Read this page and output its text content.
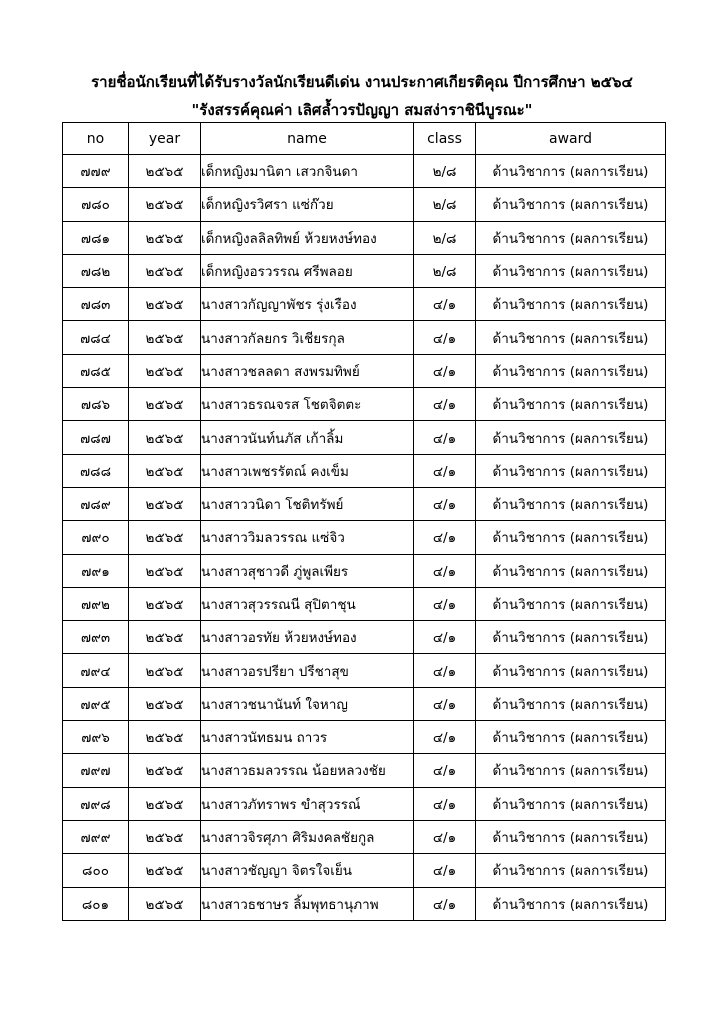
รายชื่อนักเรียนที่ได้รับรางวัลนักเรียนดีเด่น งานประกาศเกียรติคุณ ปีการศึกษา ๒๕๖๔
"รังสรรค์คุณค่า เลิศล้ำวรปัญญา สมสง่าราชินีบูรณะ"
no	year	name	class	award
๗๗๙	๒๕๖๕	เด็กหญิงมานิตา เสวกจินดา	๒/๘	ด้านวิชาการ (ผลการเรียน)
๗๘๐	๒๕๖๕	เด็กหญิงรวิศรา แซ่ก๊วย	๒/๘	ด้านวิชาการ (ผลการเรียน)
๗๘๑	๒๕๖๕	เด็กหญิงลลิลทิพย์ ห้วยหงษ์ทอง	๒/๘	ด้านวิชาการ (ผลการเรียน)
๗๘๒	๒๕๖๕	เด็กหญิงอรวรรณ ศรีพลอย	๒/๘	ด้านวิชาการ (ผลการเรียน)
๗๘๓	๒๕๖๕	นางสาวกัญญาพัชร รุ่งเรือง	๔/๑	ด้านวิชาการ (ผลการเรียน)
๗๘๔	๒๕๖๕	นางสาวกัลยกร วิเชียรกุล	๔/๑	ด้านวิชาการ (ผลการเรียน)
๗๘๕	๒๕๖๕	นางสาวชลลดา สงพรมทิพย์	๔/๑	ด้านวิชาการ (ผลการเรียน)
๗๘๖	๒๕๖๕	นางสาวธรณจรส โชตจิตตะ	๔/๑	ด้านวิชาการ (ผลการเรียน)
๗๘๗	๒๕๖๕	นางสาวนันท์นภัส เก้าลิ้ม	๔/๑	ด้านวิชาการ (ผลการเรียน)
๗๘๘	๒๕๖๕	นางสาวเพชรรัตณ์ คงเข็ม	๔/๑	ด้านวิชาการ (ผลการเรียน)
๗๘๙	๒๕๖๕	นางสาววนิดา โชติทรัพย์	๔/๑	ด้านวิชาการ (ผลการเรียน)
๗๙๐	๒๕๖๕	นางสาววิมลวรรณ แซ่จิว	๔/๑	ด้านวิชาการ (ผลการเรียน)
๗๙๑	๒๕๖๕	นางสาวสุชาวดี ภู่พูลเพียร	๔/๑	ด้านวิชาการ (ผลการเรียน)
๗๙๒	๒๕๖๕	นางสาวสุวรรณนี สุปิตาชุน	๔/๑	ด้านวิชาการ (ผลการเรียน)
๗๙๓	๒๕๖๕	นางสาวอรทัย ห้วยหงษ์ทอง	๔/๑	ด้านวิชาการ (ผลการเรียน)
๗๙๔	๒๕๖๕	นางสาวอรปรียา ปรีชาสุข	๔/๑	ด้านวิชาการ (ผลการเรียน)
๗๙๕	๒๕๖๕	นางสาวชนานันท์ ใจหาญ	๔/๑	ด้านวิชาการ (ผลการเรียน)
๗๙๖	๒๕๖๕	นางสาวนัทธมน ถาวร	๔/๑	ด้านวิชาการ (ผลการเรียน)
๗๙๗	๒๕๖๕	นางสาวธมลวรรณ น้อยหลวงชัย	๔/๑	ด้านวิชาการ (ผลการเรียน)
๗๙๘	๒๕๖๕	นางสาวภัทราพร ขำสุวรรณ์	๔/๑	ด้านวิชาการ (ผลการเรียน)
๗๙๙	๒๕๖๕	นางสาวจิรศุภา ศิริมงคลชัยกูล	๔/๑	ด้านวิชาการ (ผลการเรียน)
๘๐๐	๒๕๖๕	นางสาวชัญญา จิตรใจเย็น	๔/๑	ด้านวิชาการ (ผลการเรียน)
๘๐๑	๒๕๖๕	นางสาวธชาษร ลิ้มพุทธานุภาพ	๔/๑	ด้านวิชาการ (ผลการเรียน)
